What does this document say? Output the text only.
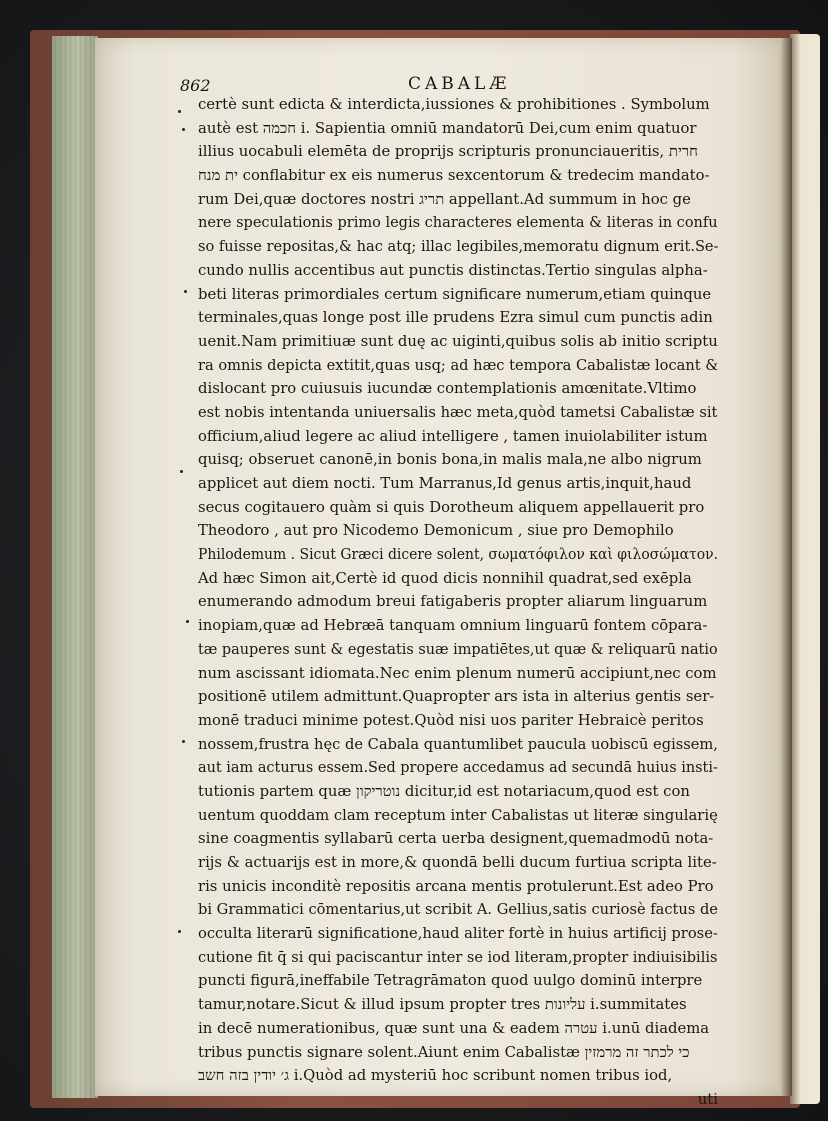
862	CABALÆ
certè sunt edicta & interdicta,iussiones & prohibitiones . Symbolum
autè est חכמה i. Sapientia omniū mandatorū Dei,cum enim quatuor
illius uocabuli elemēta de proprijs scripturis pronunciaueritis, חרית
ית מנח conflabitur ex eis numerus sexcentorum & tredecim mandato-
rum Dei,quæ doctores nostri תריג appellant.Ad summum in hoc ge
nere speculationis primo legis characteres elementa & literas in confu
so fuisse repositas,& hac atq; illac legibiles,memoratu dignum erit.Se-
cundo nullis accentibus aut punctis distinctas.Tertio singulas alpha-
beti literas primordiales certum significare numerum,etiam quinque
terminales,quas longe post ille prudens Ezra simul cum punctis adin
uenit.Nam primitiuæ sunt duę ac uiginti,quibus solis ab initio scriptu
ra omnis depicta extitit,quas usq; ad hæc tempora Cabalistæ locant &
dislocant pro cuiusuis iucundæ contemplationis amœnitate.Vltimo
est nobis intentanda uniuersalis hæc meta,quòd tametsi Cabalistæ sit
officium,aliud legere ac aliud intelligere , tamen inuiolabiliter istum
quisq; obseruet canonē,in bonis bona,in malis mala,ne albo nigrum
applicet aut diem nocti. Tum Marranus,Id genus artis,inquit,haud
secus cogitauero quàm si quis Dorotheum aliquem appellauerit pro
Theodoro , aut pro Nicodemo Demonicum , siue pro Demophilo
Philodemum . Sicut Græci dicere solent, σωματόφιλον καὶ φιλοσώματον.
Ad hæc Simon ait,Certè id quod dicis nonnihil quadrat,sed exēpla
enumerando admodum breui fatigaberis propter aliarum linguarum
inopiam,quæ ad Hebræā tanquam omnium linguarū fontem cōpara-
tæ pauperes sunt & egestatis suæ impatiētes,ut quæ & reliquarū natio
num ascissant idiomata.Nec enim plenum numerū accipiunt,nec com
positionē utilem admittunt.Quapropter ars ista in alterius gentis ser-
monē traduci minime potest.Quòd nisi uos pariter Hebraicè peritos
nossem,frustra hęc de Cabala quantumlibet paucula uobiscū egissem,
aut iam acturus essem.Sed propere accedamus ad secundā huius insti-
tutionis partem quæ נוטריקון dicitur,id est notariacum,quod est con
uentum quoddam clam receptum inter Cabalistas ut literæ singularię
sine coagmentis syllabarū certa uerba designent,quemadmodū nota-
rijs & actuarijs est in more,& quondā belli ducum furtiua scripta lite-
ris unicis inconditè repositis arcana mentis protulerunt.Est adeo Pro
bi Grammatici cōmentarius,ut scribit A. Gellius,satis curiosè factus de
occulta literarū significatione,haud aliter fortè in huius artificij prose-
cutione fit q̄ si qui paciscantur inter se iod literam,propter indiuisibilis
puncti figurā,ineffabile Tetragrāmaton quod uulgo dominū interpre
tamur,notare.Sicut & illud ipsum propter tres עליונות i.summitates
in decē numerationibus, quæ sunt una & eadem עטרה i.unū diadema
tribus punctis signare solent.Aiunt enim Cabalistæ כי לכתר זה מרמזין
ג׳ יודין בזה חשב i.Quòd ad mysteriū hoc scribunt nomen tribus iod,
uti
